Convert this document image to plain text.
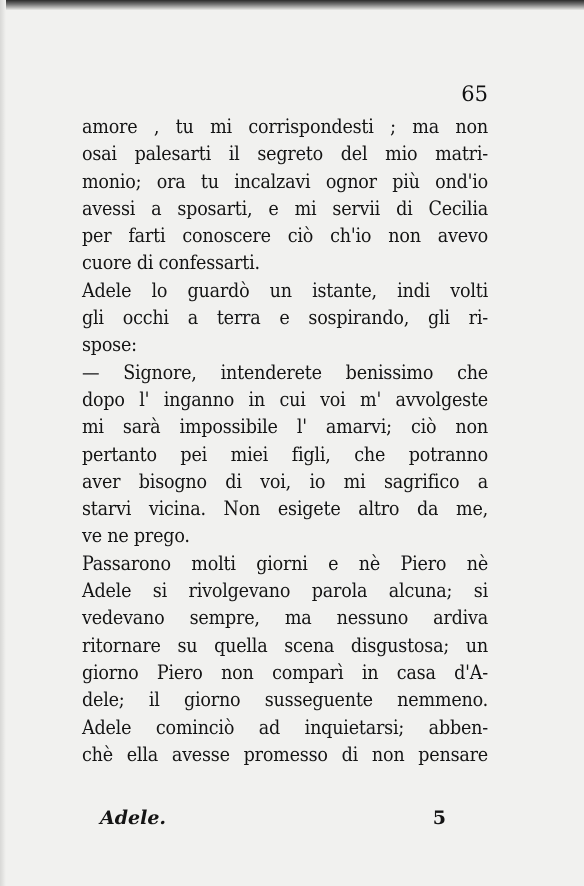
65
amore , tu mi corrispondesti ; ma non
osai palesarti il segreto del mio matri-
monio; ora tu incalzavi ognor più ond'io
avessi a sposarti, e mi servii di Cecilia
per farti conoscere ciò ch'io non avevo
cuore di confessarti.
Adele lo guardò un istante, indi volti
gli occhi a terra e sospirando, gli ri-
spose:
— Signore, intenderete benissimo che
dopo l' inganno in cui voi m' avvolgeste
mi sarà impossibile l' amarvi; ciò non
pertanto pei miei figli, che potranno
aver bisogno di voi, io mi sagrifico a
starvi vicina. Non esigete altro da me,
ve ne prego.
Passarono molti giorni e nè Piero nè
Adele si rivolgevano parola alcuna; si
vedevano sempre, ma nessuno ardiva
ritornare su quella scena disgustosa; un
giorno Piero non comparì in casa d'A-
dele; il giorno susseguente nemmeno.
Adele cominciò ad inquietarsi; abben-
chè ella avesse promesso di non pensare
Adele.	5
